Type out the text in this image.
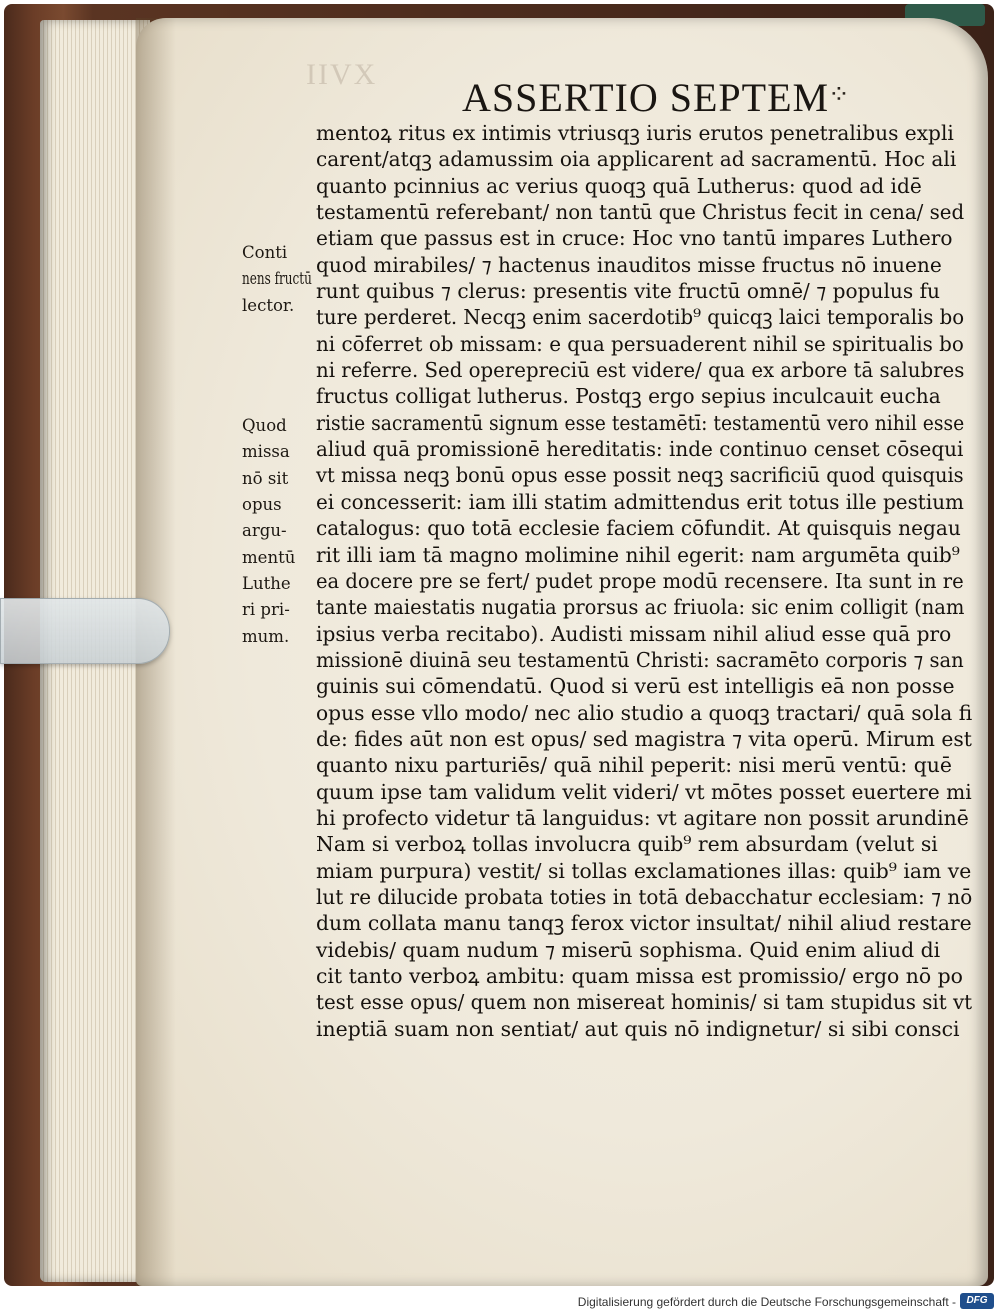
IIVX
ASSERTIO SEPTEM
⁘
Conti
nens fructū
lector.
Quod
missa
nō sit
opus
argu-
mentū
Luthe
ri pri-
mum.
mentoꝝ ritus ex intimis vtriusqꝫ iuris erutos penetralibus expli
carent/atqꝫ adamussim oia applicarent ad sacramentū. Hoc ali
quanto pcinnius ac verius quoqꝫ quā Lutherus: quod ad idē
testamentū referebant/ non tantū que Christus fecit in cena/ sed
etiam que passus est in cruce: Hoc vno tantū impares Luthero
quod mirabiles/ ⁊ hactenus inauditos misse fructus nō inuene
runt quibus ⁊ clerus: presentis vite fructū omnē/ ⁊ populus fu
ture perderet. Necqꝫ enim sacerdotib⁹ quicqꝫ laici temporalis bo
ni cōferret ob missam: e qua persuaderent nihil se spiritualis bo
ni referre. Sed operepreciū est videre/ qua ex arbore tā salubres
fructus colligat lutherus. Postqꝫ ergo sepius inculcauit eucha
ristie sacramentū signum esse testamētī: testamentū vero nihil esse
aliud quā promissionē hereditatis: inde continuo censet cōsequi
vt missa neqꝫ bonū opus esse possit neqꝫ sacrificiū quod quisquis
ei concesserit: iam illi statim admittendus erit totus ille pestium
catalogus: quo totā ecclesie faciem cōfundit. At quisquis negau
rit illi iam tā magno molimine nihil egerit: nam argumēta quib⁹
ea docere pre se fert/ pudet prope modū recensere. Ita sunt in re
tante maiestatis nugatia prorsus ac friuola: sic enim colligit (nam
ipsius verba recitabo). Audisti missam nihil aliud esse quā pro
missionē diuinā seu testamentū Christi: sacramēto corporis ⁊ san
guinis sui cōmendatū. Quod si verū est intelligis eā non posse
opus esse vllo modo/ nec alio studio a quoqꝫ tractari/ quā sola fi
de: fides aūt non est opus/ sed magistra ⁊ vita operū. Mirum est
quanto nixu parturiēs/ quā nihil peperit: nisi merū ventū: quē
quum ipse tam validum velit videri/ vt mōtes posset euertere mi
hi profecto videtur tā languidus: vt agitare non possit arundinē
Nam si verboꝝ tollas involucra quib⁹ rem absurdam (velut si
miam purpura) vestit/ si tollas exclamationes illas: quib⁹ iam ve
lut re dilucide probata toties in totā debacchatur ecclesiam: ⁊ nō
dum collata manu tanqꝫ ferox victor insultat/ nihil aliud restare
videbis/ quam nudum ⁊ miserū sophisma. Quid enim aliud di
cit tanto verboꝝ ambitu: quam missa est promissio/ ergo nō po
test esse opus/ quem non misereat hominis/ si tam stupidus sit vt
ineptiā suam non sentiat/ aut quis nō indignetur/ si sibi consci
Digitalisierung gefördert durch die Deutsche Forschungsgemeinschaft -	DFG
